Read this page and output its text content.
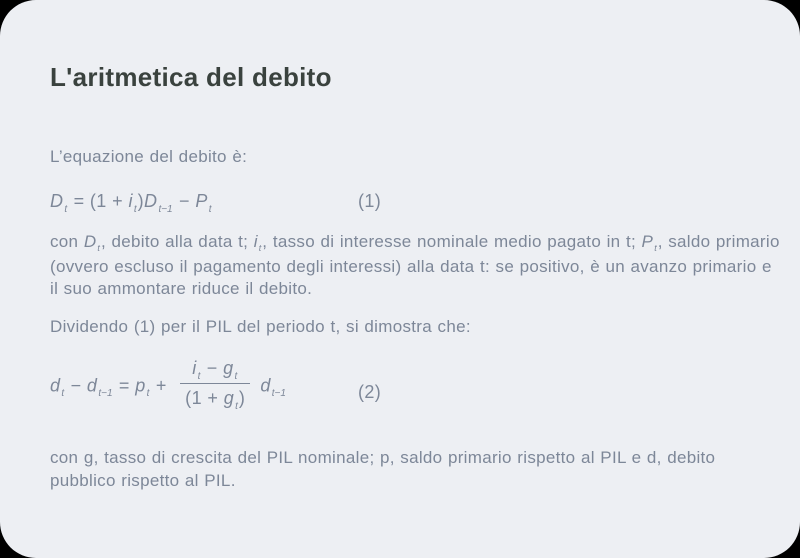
L'aritmetica del debito

L’equazione del debito è:

$D_t = (1 + i_t)D_{t-1} - P_t$	(1)

con $D_t$, debito alla data t; $i_t$, tasso di interesse nominale medio pagato in t; $P_t$, saldo primario (ovvero escluso il pagamento degli interessi) alla data t: se positivo, è un avanzo primario e il suo ammontare riduce il debito.

Dividendo (1) per il PIL del periodo t, si dimostra che:

$d_t - d_{t-1} = p_t + \frac{i_t - g_t}{(1 + g_t)} d_{t-1}$	(2)

con g, tasso di crescita del PIL nominale; p, saldo primario rispetto al PIL e d, debito pubblico rispetto al PIL.
